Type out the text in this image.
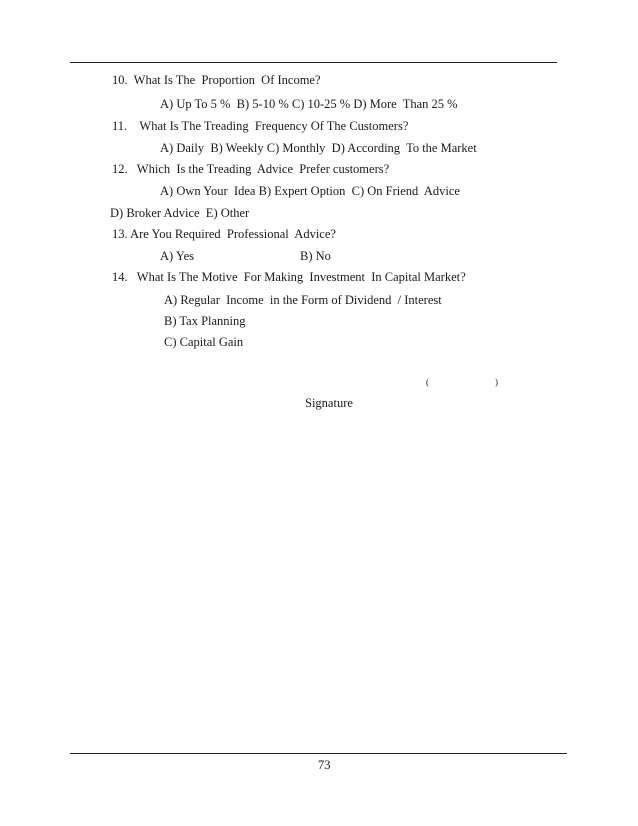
10.  What Is The  Proportion  Of Income?
A) Up To 5 %  B) 5-10 % C) 10-25 % D) More  Than 25 %
11.    What Is The Treading  Frequency Of The Customers?
A) Daily  B) Weekly C) Monthly  D) According  To the Market
12.   Which  Is the Treading  Advice  Prefer customers?
A) Own Your  Idea B) Expert Option  C) On Friend  Advice
D) Broker Advice  E) Other
13. Are You Required  Professional  Advice?
A) Yes	B) No
14.   What Is The Motive  For Making  Investment  In Capital Market?
A) Regular  Income  in the Form of Dividend  / Interest
B) Tax Planning
C) Capital Gain
(	)
Signature
73
